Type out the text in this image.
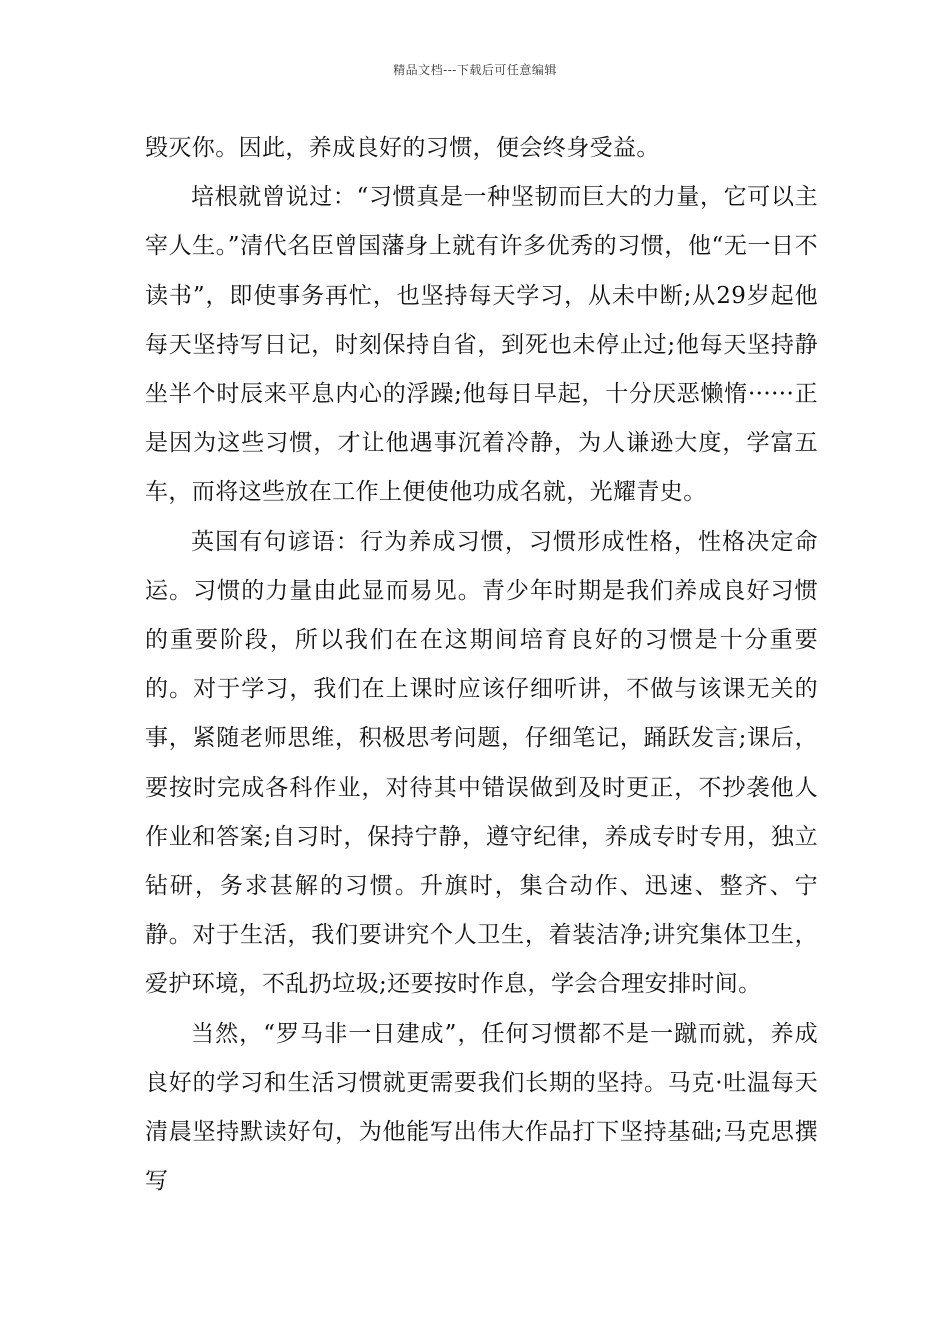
精品文档---下载后可任意编辑

毁灭你。因此，养成良好的习惯，便会终身受益。

培根就曾说过：“习惯真是一种坚韧而巨大的力量，它可以主宰人生。”清代名臣曾国藩身上就有许多优秀的习惯，他“无一日不读书”，即使事务再忙，也坚持每天学习，从未中断;从29岁起他每天坚持写日记，时刻保持自省，到死也未停止过;他每天坚持静坐半个时辰来平息内心的浮躁;他每日早起，十分厌恶懒惰······正是因为这些习惯，才让他遇事沉着冷静，为人谦逊大度，学富五车，而将这些放在工作上便使他功成名就，光耀青史。

英国有句谚语：行为养成习惯，习惯形成性格，性格决定命运。习惯的力量由此显而易见。青少年时期是我们养成良好习惯的重要阶段，所以我们在在这期间培育良好的习惯是十分重要的。对于学习，我们在上课时应该仔细听讲，不做与该课无关的事，紧随老师思维，积极思考问题，仔细笔记，踊跃发言;课后，要按时完成各科作业，对待其中错误做到及时更正，不抄袭他人作业和答案;自习时，保持宁静，遵守纪律，养成专时专用，独立钻研，务求甚解的习惯。升旗时，集合动作、迅速、整齐、宁静。对于生活，我们要讲究个人卫生，着装洁净;讲究集体卫生，爱护环境，不乱扔垃圾;还要按时作息，学会合理安排时间。

当然，“罗马非一日建成”，任何习惯都不是一蹴而就，养成良好的学习和生活习惯就更需要我们长期的坚持。马克·吐温每天清晨坚持默读好句，为他能写出伟大作品打下坚持基础;马克思撰写
